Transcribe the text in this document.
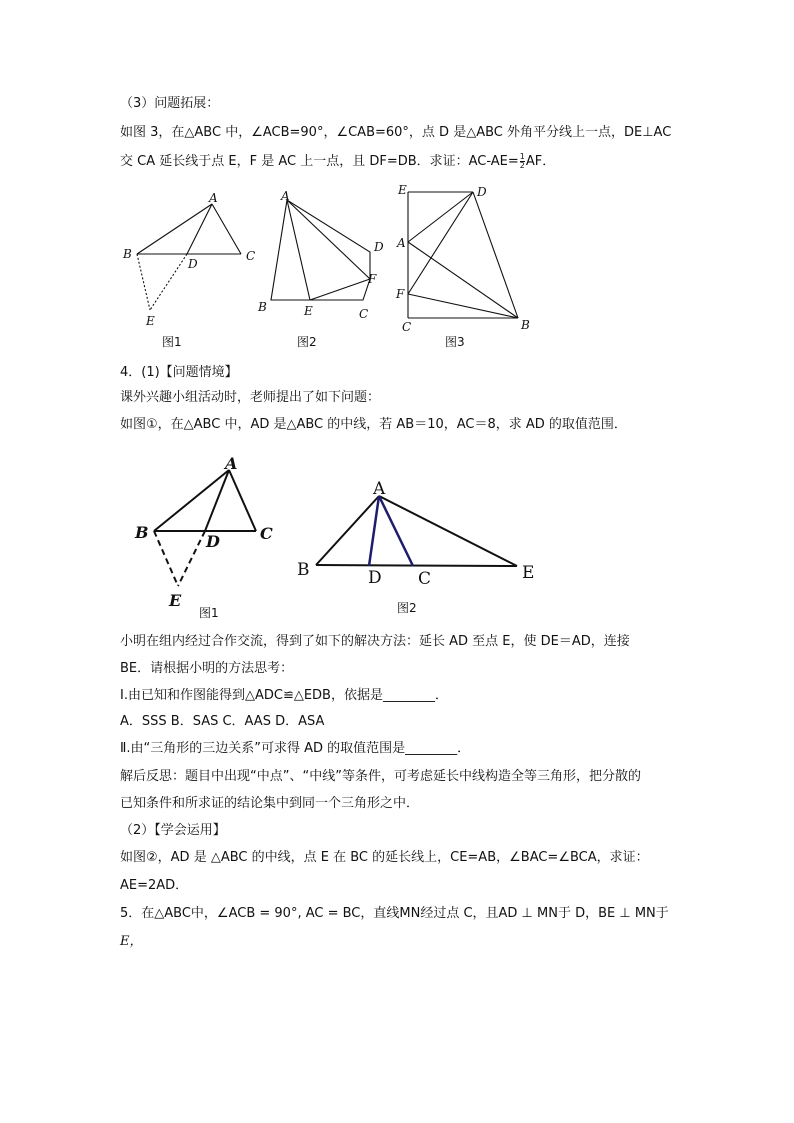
（3）问题拓展：
如图 3，在△ABC 中，∠ACB=90°，∠CAB=60°，点 D 是△ABC 外角平分线上一点，DE⊥AC
交 CA 延长线于点 E，F 是 AC 上一点，且 DF=DB．求证：$AC-AE= \frac{1}{2}$ AF．
A
B	C
D
E
A
B	C
D
E
F
A
B
C
D
E
F
图1	图2	图3
4．(1)【问题情境】
课外兴趣小组活动时，老师提出了如下问题：
如图①，在△ABC 中，AD 是△ABC 的中线，若 AB＝10，AC＝8，求 AD 的取值范围．
A
B	C
D
E
A
B	C
D	E
图1	图2
小明在组内经过合作交流，得到了如下的解决方法：延长 AD 至点 E，使 DE＝AD，连接
BE．请根据小明的方法思考：
Ⅰ.由已知和作图能得到△ADC≌△EDB，依据是________．
A．SSS B．SAS C．AAS D．ASA
Ⅱ.由“三角形的三边关系”可求得 AD 的取值范围是________．
解后反思：题目中出现“中点”、“中线”等条件，可考虑延长中线构造全等三角形，把分散的
已知条件和所求证的结论集中到同一个三角形之中．
（2）【学会运用】
如图②，AD 是 △ABC 的中线，点 E 在 BC 的延长线上，CE=AB，∠BAC=∠BCA，求证：
AE=2AD．
5．在△ABC中，∠ACB = 90°, AC = BC，直线MN经过点 C，且AD ⊥ MN于 D，BE ⊥ MN于
E，
